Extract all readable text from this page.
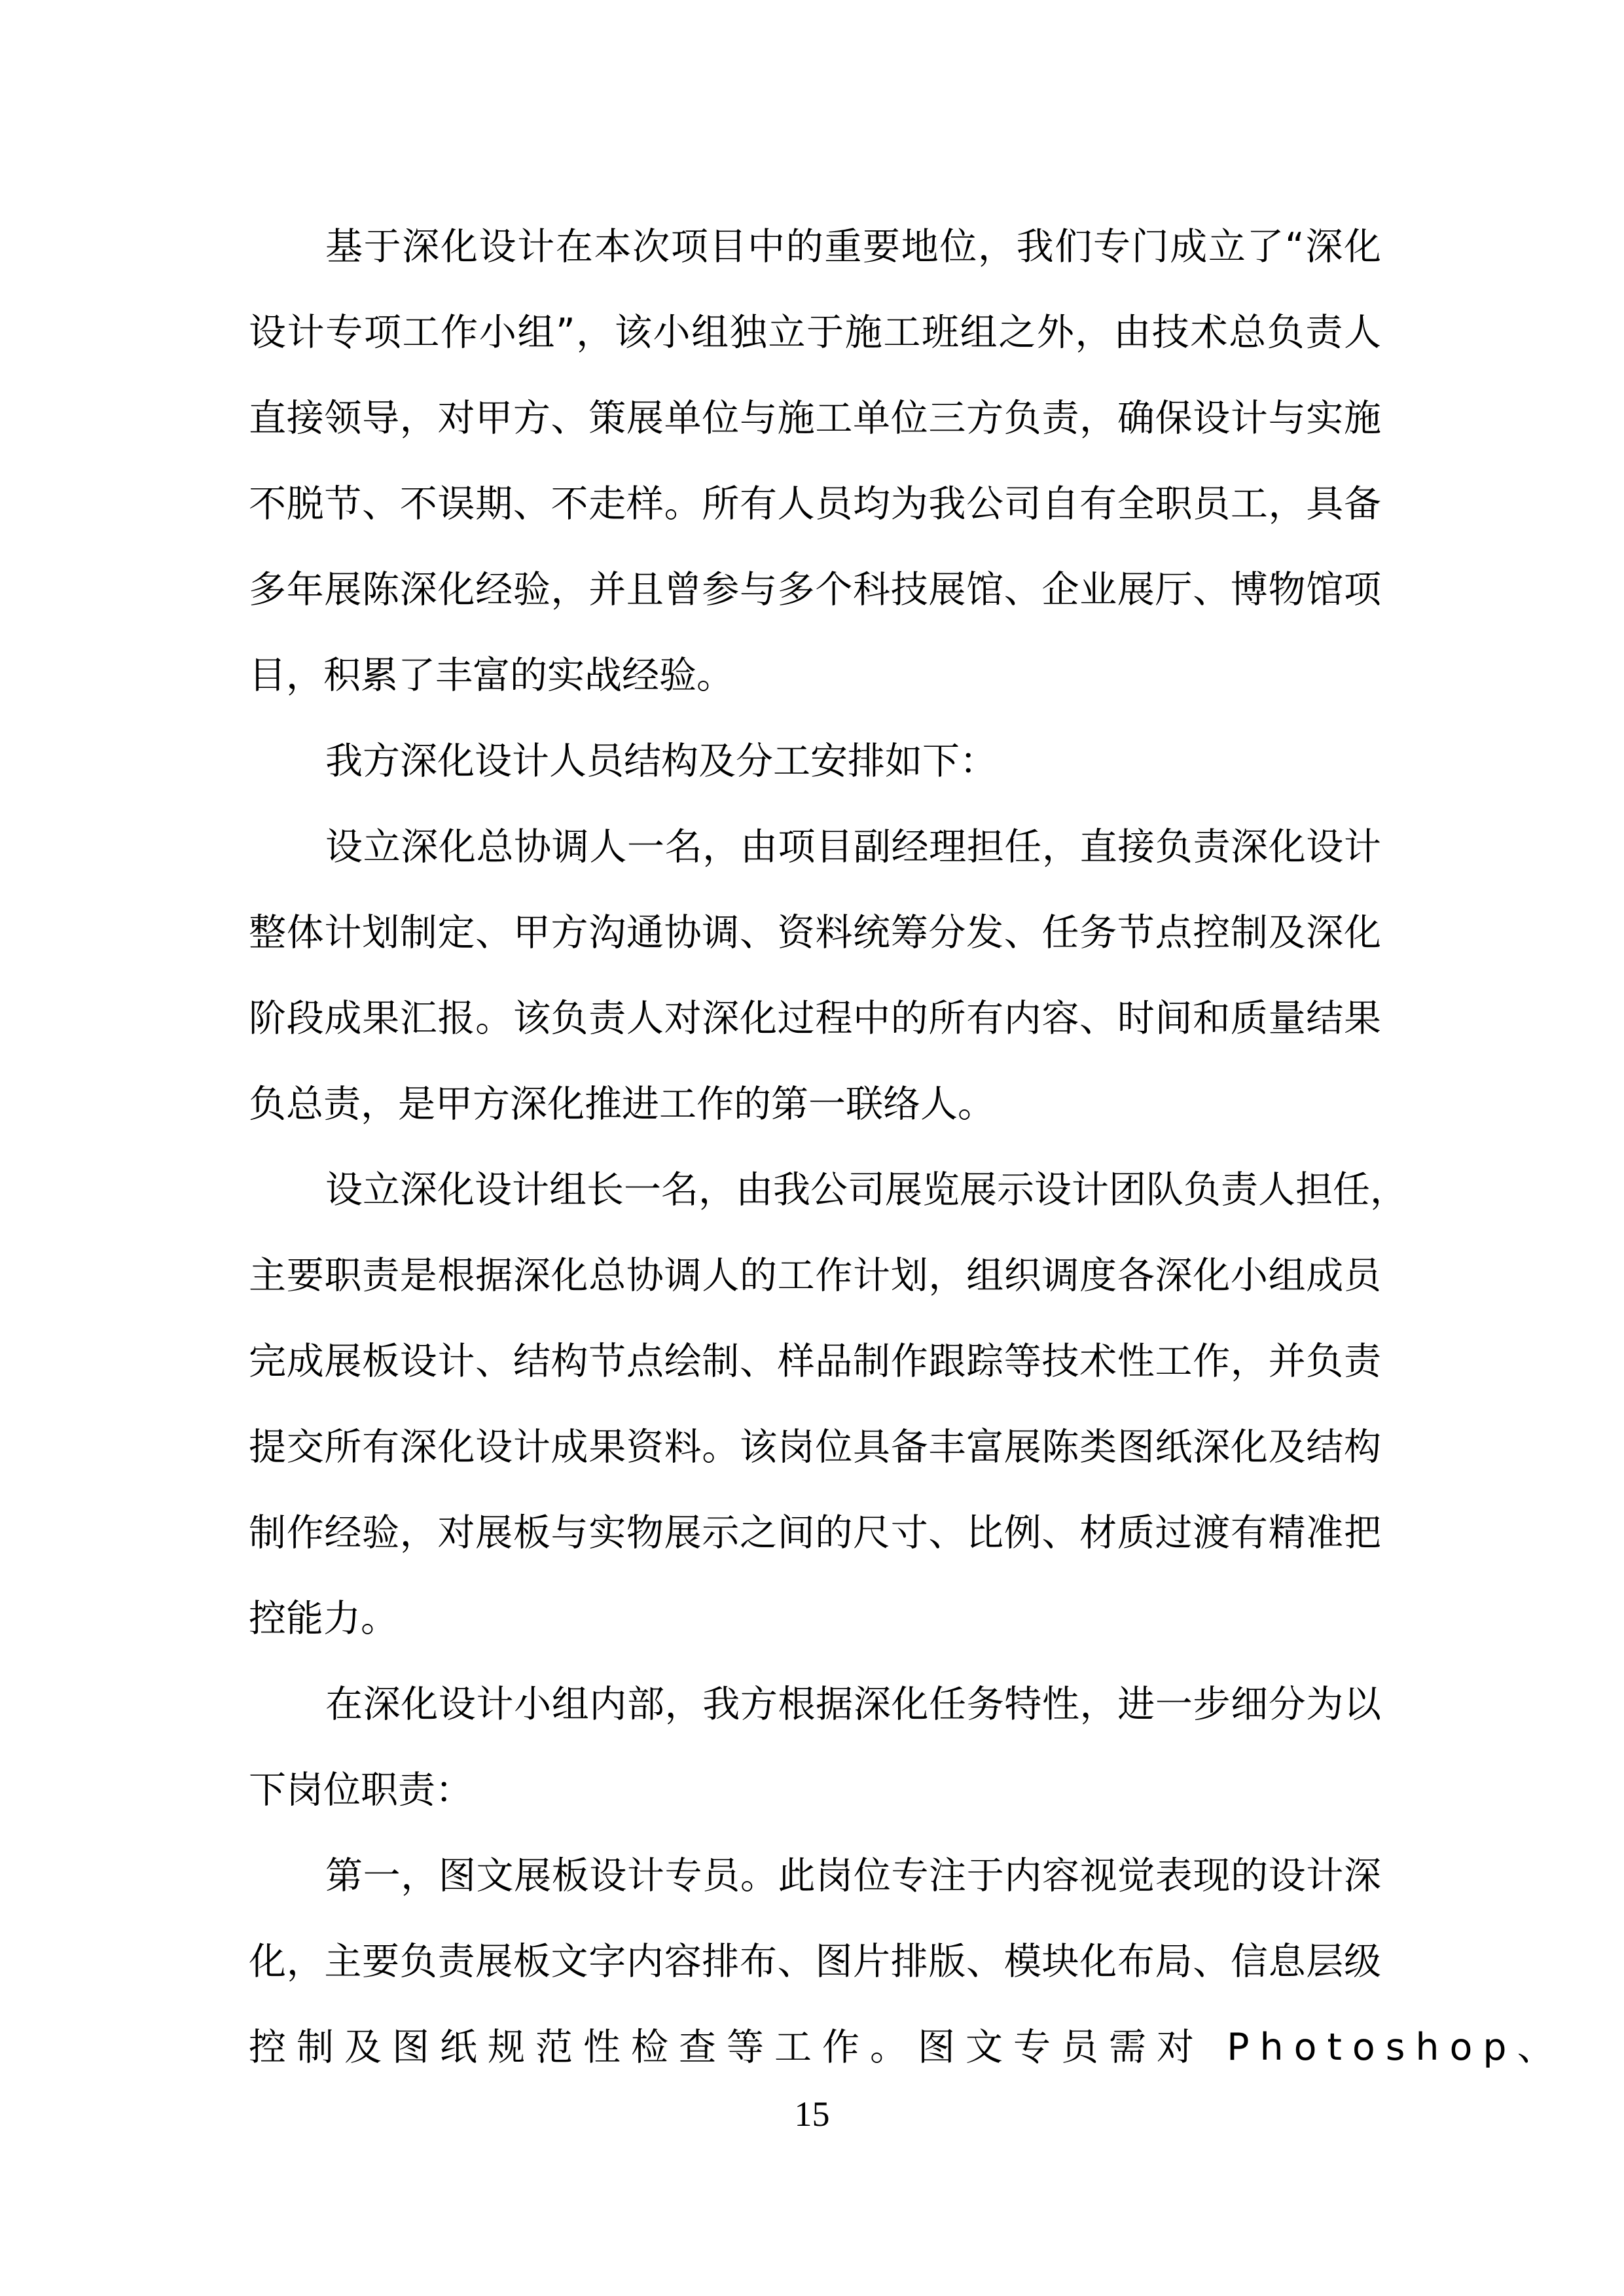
基于深化设计在本次项目中的重要地位，我们专门成立了“深化
设计专项工作小组”，该小组独立于施工班组之外，由技术总负责人
直接领导，对甲方、策展单位与施工单位三方负责，确保设计与实施
不脱节、不误期、不走样。所有人员均为我公司自有全职员工，具备
多年展陈深化经验，并且曾参与多个科技展馆、企业展厅、博物馆项
目，积累了丰富的实战经验。
我方深化设计人员结构及分工安排如下：
设立深化总协调人一名，由项目副经理担任，直接负责深化设计
整体计划制定、甲方沟通协调、资料统筹分发、任务节点控制及深化
阶段成果汇报。该负责人对深化过程中的所有内容、时间和质量结果
负总责，是甲方深化推进工作的第一联络人。
设立深化设计组长一名，由我公司展览展示设计团队负责人担任，
主要职责是根据深化总协调人的工作计划，组织调度各深化小组成员
完成展板设计、结构节点绘制、样品制作跟踪等技术性工作，并负责
提交所有深化设计成果资料。该岗位具备丰富展陈类图纸深化及结构
制作经验，对展板与实物展示之间的尺寸、比例、材质过渡有精准把
控能力。
在深化设计小组内部，我方根据深化任务特性，进一步细分为以
下岗位职责：
第一，图文展板设计专员。此岗位专注于内容视觉表现的设计深
化，主要负责展板文字内容排布、图片排版、模块化布局、信息层级
控制及图纸规范性检查等工作。图文专员需对 Photoshop、
15
